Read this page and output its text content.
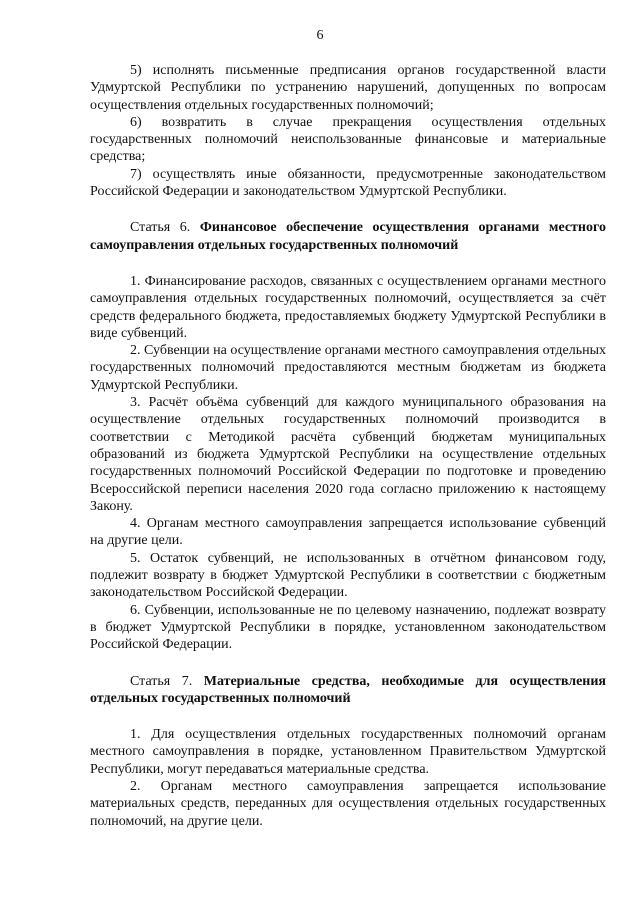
6

5) исполнять письменные предписания органов государственной власти Удмуртской Республики по устранению нарушений, допущенных по вопросам осуществления отдельных государственных полномочий;

6) возвратить в случае прекращения осуществления отдельных государственных полномочий неиспользованные финансовые и материальные средства;

7) осуществлять иные обязанности, предусмотренные законодательством Российской Федерации и законодательством Удмуртской Республики.

Статья 6. Финансовое обеспечение осуществления органами местного самоуправления отдельных государственных полномочий

1. Финансирование расходов, связанных с осуществлением органами местного самоуправления отдельных государственных полномочий, осуществляется за счёт средств федерального бюджета, предоставляемых бюджету Удмуртской Республики в виде субвенций.

2. Субвенции на осуществление органами местного самоуправления отдельных государственных полномочий предоставляются местным бюджетам из бюджета Удмуртской Республики.

3. Расчёт объёма субвенций для каждого муниципального образования на осуществление отдельных государственных полномочий производится в соответствии с Методикой расчёта субвенций бюджетам муниципальных образований из бюджета Удмуртской Республики на осуществление отдельных государственных полномочий Российской Федерации по подготовке и проведению Всероссийской переписи населения 2020 года согласно приложению к настоящему Закону.

4. Органам местного самоуправления запрещается использование субвенций на другие цели.

5. Остаток субвенций, не использованных в отчётном финансовом году, подлежит возврату в бюджет Удмуртской Республики в соответствии с бюджетным законодательством Российской Федерации.

6. Субвенции, использованные не по целевому назначению, подлежат возврату в бюджет Удмуртской Республики в порядке, установленном законодательством Российской Федерации.

Статья 7. Материальные средства, необходимые для осуществления отдельных государственных полномочий

1. Для осуществления отдельных государственных полномочий органам местного самоуправления в порядке, установленном Правительством Удмуртской Республики, могут передаваться материальные средства.

2. Органам местного самоуправления запрещается использование материальных средств, переданных для осуществления отдельных государственных полномочий, на другие цели.
